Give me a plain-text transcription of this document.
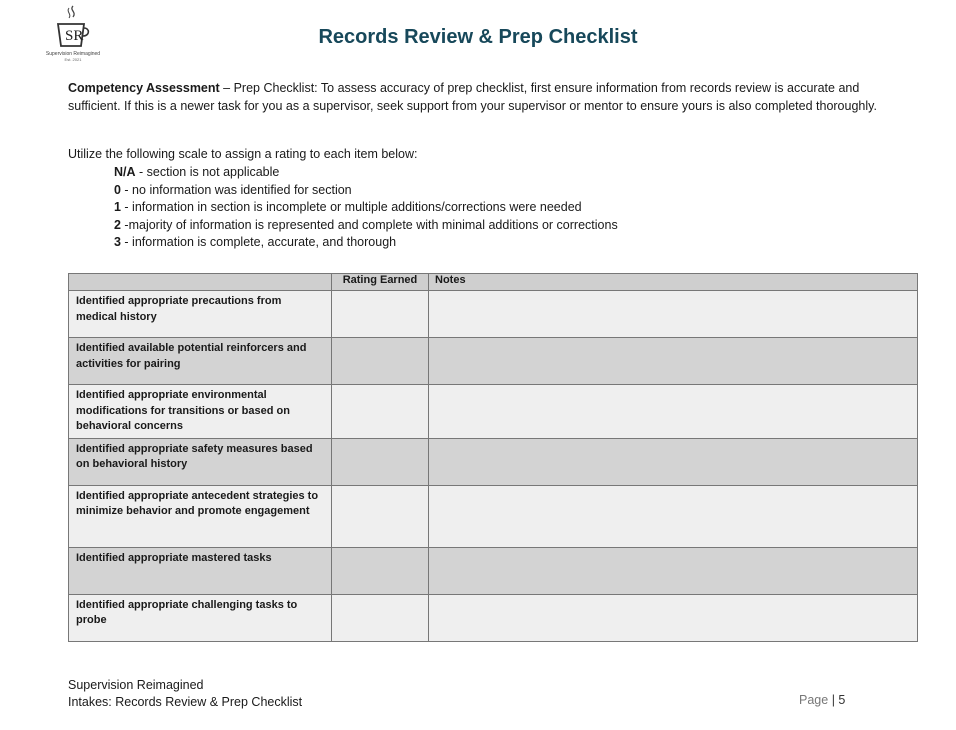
SR
Supervision Reimagined
Est. 2021
Records Review & Prep Checklist
Competency Assessment – Prep Checklist: To assess accuracy of prep checklist, first ensure information from records review is accurate and sufficient. If this is a newer task for you as a supervisor, seek support from your supervisor or mentor to ensure yours is also completed thoroughly.
Utilize the following scale to assign a rating to each item below:
N/A - section is not applicable
0 - no information was identified for section
1 - information in section is incomplete or multiple additions/corrections were needed
2 -majority of information is represented and complete with minimal additions or corrections
3 - information is complete, accurate, and thorough
	Rating Earned	Notes
Identified appropriate precautions from medical history		
Identified available potential reinforcers and activities for pairing		
Identified appropriate environmental modifications for transitions or based on behavioral concerns		
Identified appropriate safety measures based on behavioral history		
Identified appropriate antecedent strategies to minimize behavior and promote engagement		
Identified appropriate mastered tasks		
Identified appropriate challenging tasks to probe		
Supervision Reimagined
Intakes: Records Review & Prep Checklist	Page | 5
